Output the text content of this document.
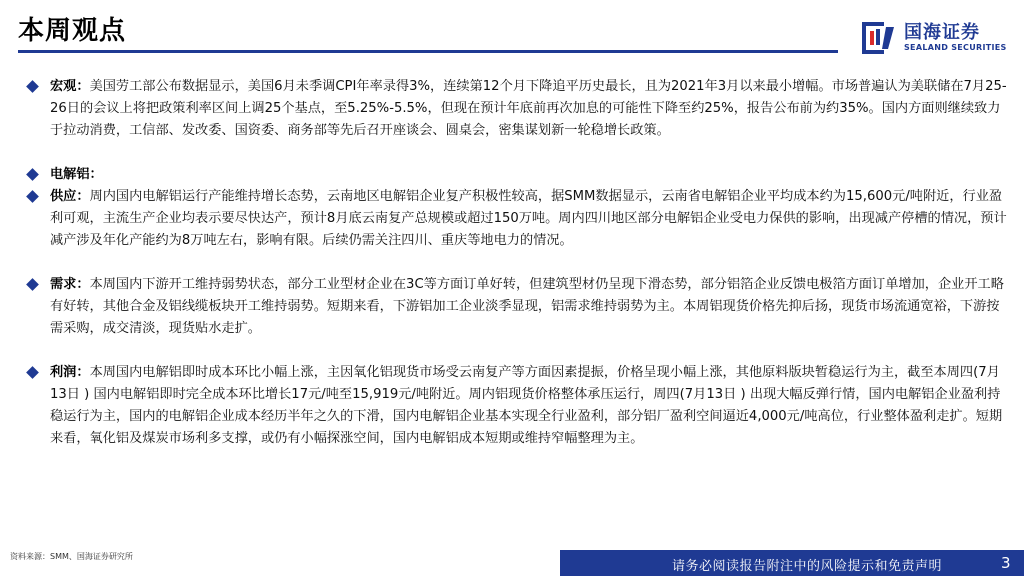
本周观点	国海证券
SEALAND SECURITIES
宏观：美国劳工部公布数据显示，美国6月未季调CPI年率录得3%，连续第12个月下降追平历史最长，且为2021年3月以来最小增幅。市场普遍认为美联储在7月25-26日的会议上将把政策利率区间上调25个基点，至5.25%-5.5%，但现在预计年底前再次加息的可能性下降至约25%，报告公布前为约35%。国内方面则继续致力于拉动消费，工信部、发改委、国资委、商务部等先后召开座谈会、圆桌会，密集谋划新一轮稳增长政策。
电解铝：
供应：周内国内电解铝运行产能维持增长态势，云南地区电解铝企业复产积极性较高，据SMM数据显示，云南省电解铝企业平均成本约为15,600元/吨附近，行业盈利可观，主流生产企业均表示要尽快达产，预计8月底云南复产总规模或超过150万吨。周内四川地区部分电解铝企业受电力保供的影响，出现减产停槽的情况，预计减产涉及年化产能约为8万吨左右，影响有限。后续仍需关注四川、重庆等地电力的情况。
需求：本周国内下游开工维持弱势状态，部分工业型材企业在3C等方面订单好转，但建筑型材仍呈现下滑态势，部分铝箔企业反馈电极箔方面订单增加，企业开工略有好转，其他合金及铝线缆板块开工维持弱势。短期来看，下游铝加工企业淡季显现，铝需求维持弱势为主。本周铝现货价格先抑后扬，现货市场流通宽裕，下游按需采购，成交清淡，现货贴水走扩。
利润：本周国内电解铝即时成本环比小幅上涨，主因氧化铝现货市场受云南复产等方面因素提振，价格呈现小幅上涨，其他原料版块暂稳运行为主，截至本周四(7月13日 ) 国内电解铝即时完全成本环比增长17元/吨至15,919元/吨附近。周内铝现货价格整体承压运行，周四(7月13日 ) 出现大幅反弹行情，国内电解铝企业盈利持稳运行为主，国内的电解铝企业成本经历半年之久的下滑，国内电解铝企业基本实现全行业盈利，部分铝厂盈利空间逼近4,000元/吨高位，行业整体盈利走扩。短期来看，氧化铝及煤炭市场利多支撑，或仍有小幅探涨空间，国内电解铝成本短期或维持窄幅整理为主。
资料来源：SMM、国海证券研究所
请务必阅读报告附注中的风险提示和免责声明	3
